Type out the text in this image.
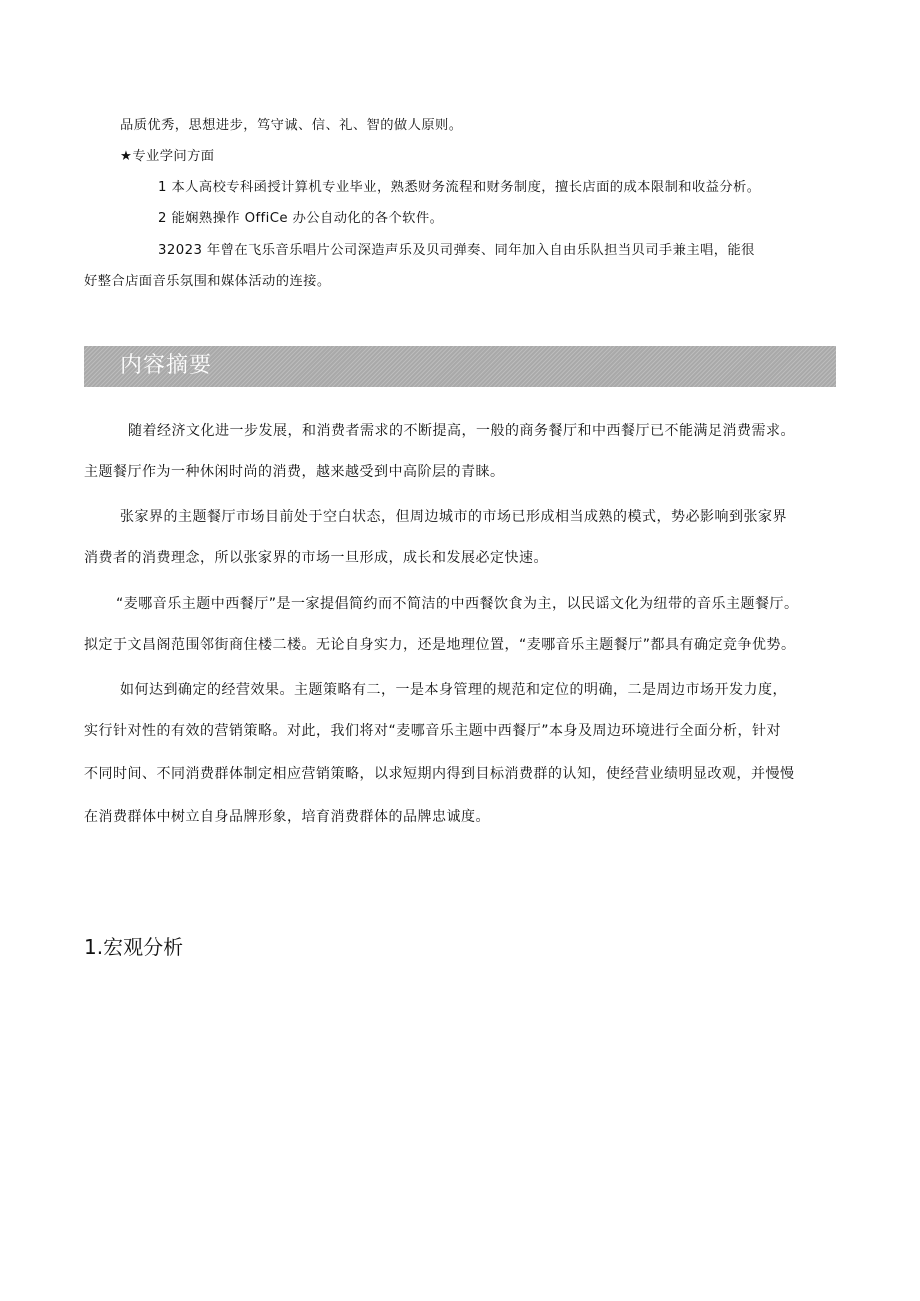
品质优秀，思想进步，笃守诚、信、礼、智的做人原则。

★专业学问方面

1 本人高校专科函授计算机专业毕业，熟悉财务流程和财务制度，擅长店面的成本限制和收益分析。

2 能娴熟操作 OffiCe 办公自动化的各个软件。

32023 年曾在飞乐音乐唱片公司深造声乐及贝司弹奏、同年加入自由乐队担当贝司手兼主唱，能很

好整合店面音乐氛围和媒体活动的连接。

内容摘要

随着经济文化进一步发展，和消费者需求的不断提高，一般的商务餐厅和中西餐厅已不能满足消费需求。

主题餐厅作为一种休闲时尚的消费，越来越受到中高阶层的青睐。

张家界的主题餐厅市场目前处于空白状态，但周边城市的市场已形成相当成熟的模式，势必影响到张家界

消费者的消费理念，所以张家界的市场一旦形成，成长和发展必定快速。

“麦哪音乐主题中西餐厅”是一家提倡简约而不简洁的中西餐饮食为主，以民谣文化为纽带的音乐主题餐厅。

拟定于文昌阁范围邻街商住楼二楼。无论自身实力，还是地理位置，“麦哪音乐主题餐厅”都具有确定竞争优势。

如何达到确定的经营效果。主题策略有二，一是本身管理的规范和定位的明确，二是周边市场开发力度，

实行针对性的有效的营销策略。对此，我们将对“麦哪音乐主题中西餐厅”本身及周边环境进行全面分析，针对

不同时间、不同消费群体制定相应营销策略，以求短期内得到目标消费群的认知，使经营业绩明显改观，并慢慢

在消费群体中树立自身品牌形象，培育消费群体的品牌忠诚度。

1.宏观分析
